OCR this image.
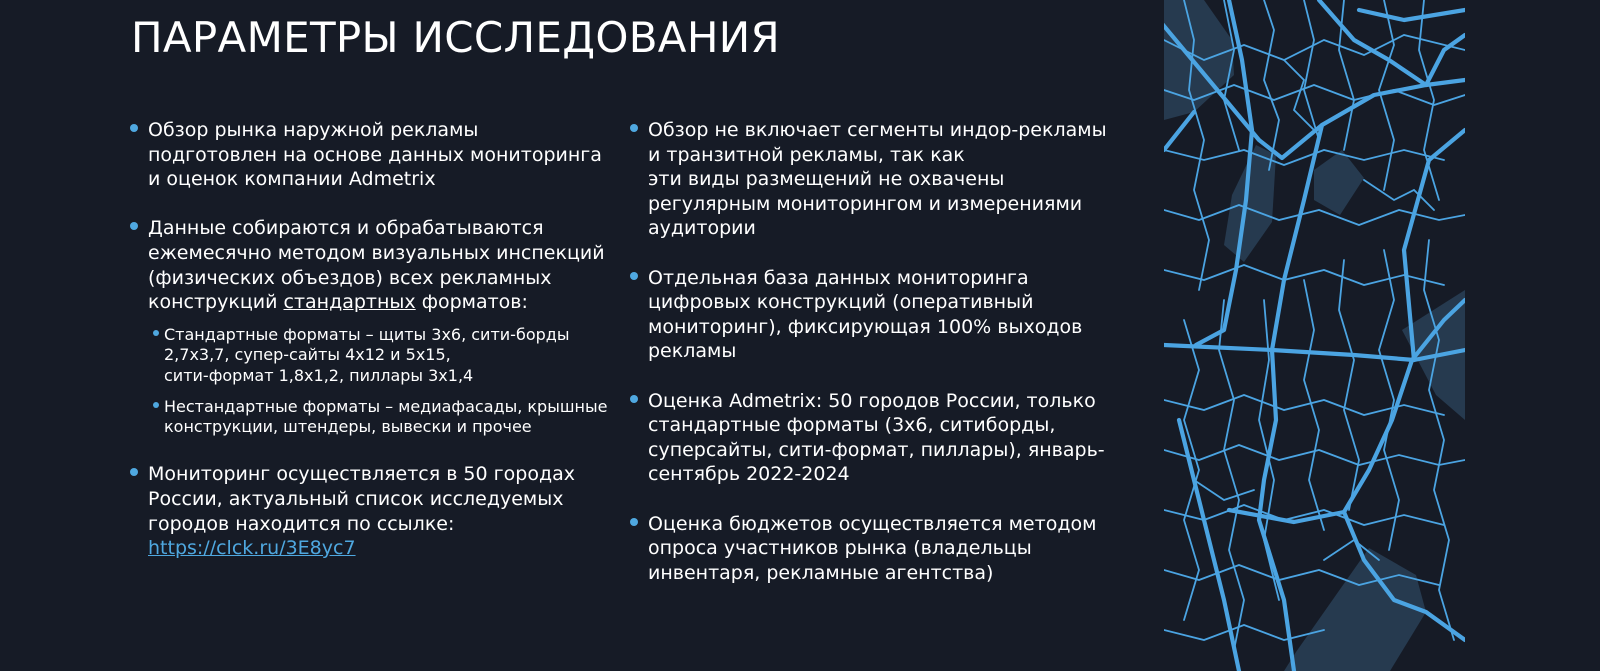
ПАРАМЕТРЫ ИССЛЕДОВАНИЯ
Обзор рынка наружной рекламы
подготовлен на основе данных мониторинга
и оценок компании Admetrix
Данные собираются и обрабатываются
ежемесячно методом визуальных инспекций
(физических объездов) всех рекламных
конструкций стандартных форматов:
Стандартные форматы – щиты 3х6, сити-борды
2,7х3,7, супер-сайты 4х12 и 5х15,
сити-формат 1,8х1,2, пиллары 3х1,4
Нестандартные форматы – медиафасады, крышные
конструкции, штендеры, вывески и прочее
Мониторинг осуществляется в 50 городах
России, актуальный список исследуемых
городов находится по ссылке:
https://clck.ru/3E8yc7
Обзор не включает сегменты индор-рекламы
и транзитной рекламы, так как
эти виды размещений не охвачены
регулярным мониторингом и измерениями
аудитории
Отдельная база данных мониторинга
цифровых конструкций (оперативный
мониторинг), фиксирующая 100% выходов
рекламы
Оценка Admetrix: 50 городов России, только
стандартные форматы (3х6, ситиборды,
суперсайты, сити-формат, пиллары), январь-
сентябрь 2022-2024
Оценка бюджетов осуществляется методом
опроса участников рынка (владельцы
инвентаря, рекламные агентства)
